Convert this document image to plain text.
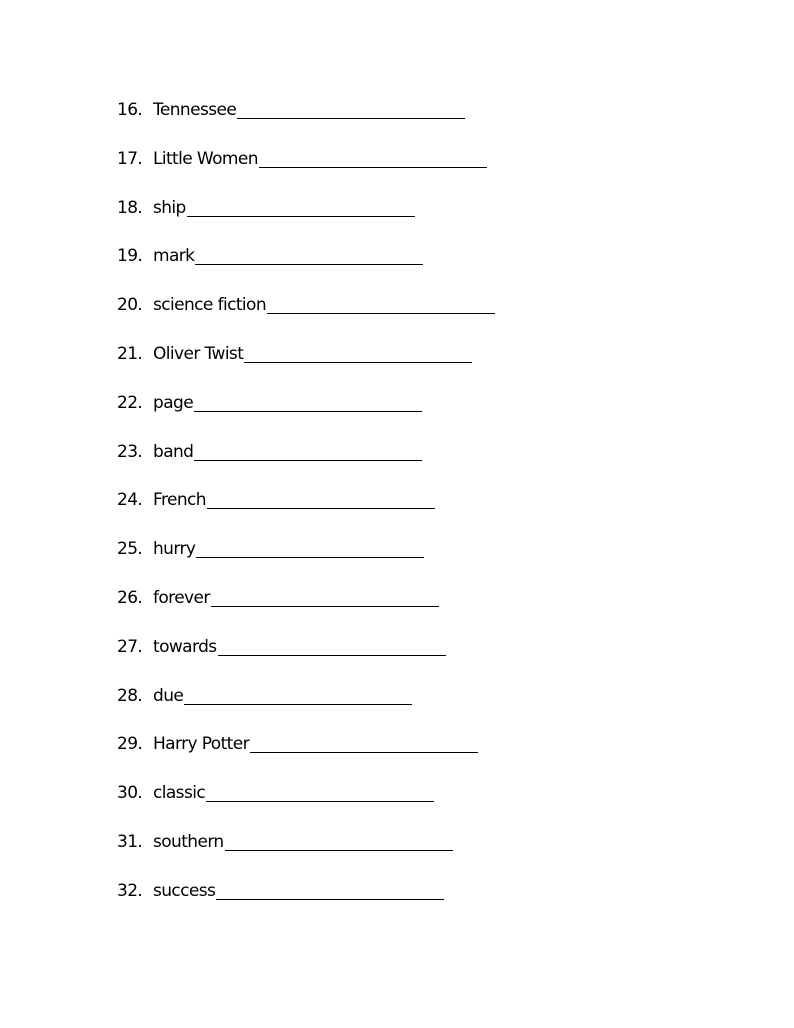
16. Tennessee
17. Little Women
18. ship
19. mark
20. science fiction
21. Oliver Twist
22. page
23. band
24. French
25. hurry
26. forever
27. towards
28. due
29. Harry Potter
30. classic
31. southern
32. success
